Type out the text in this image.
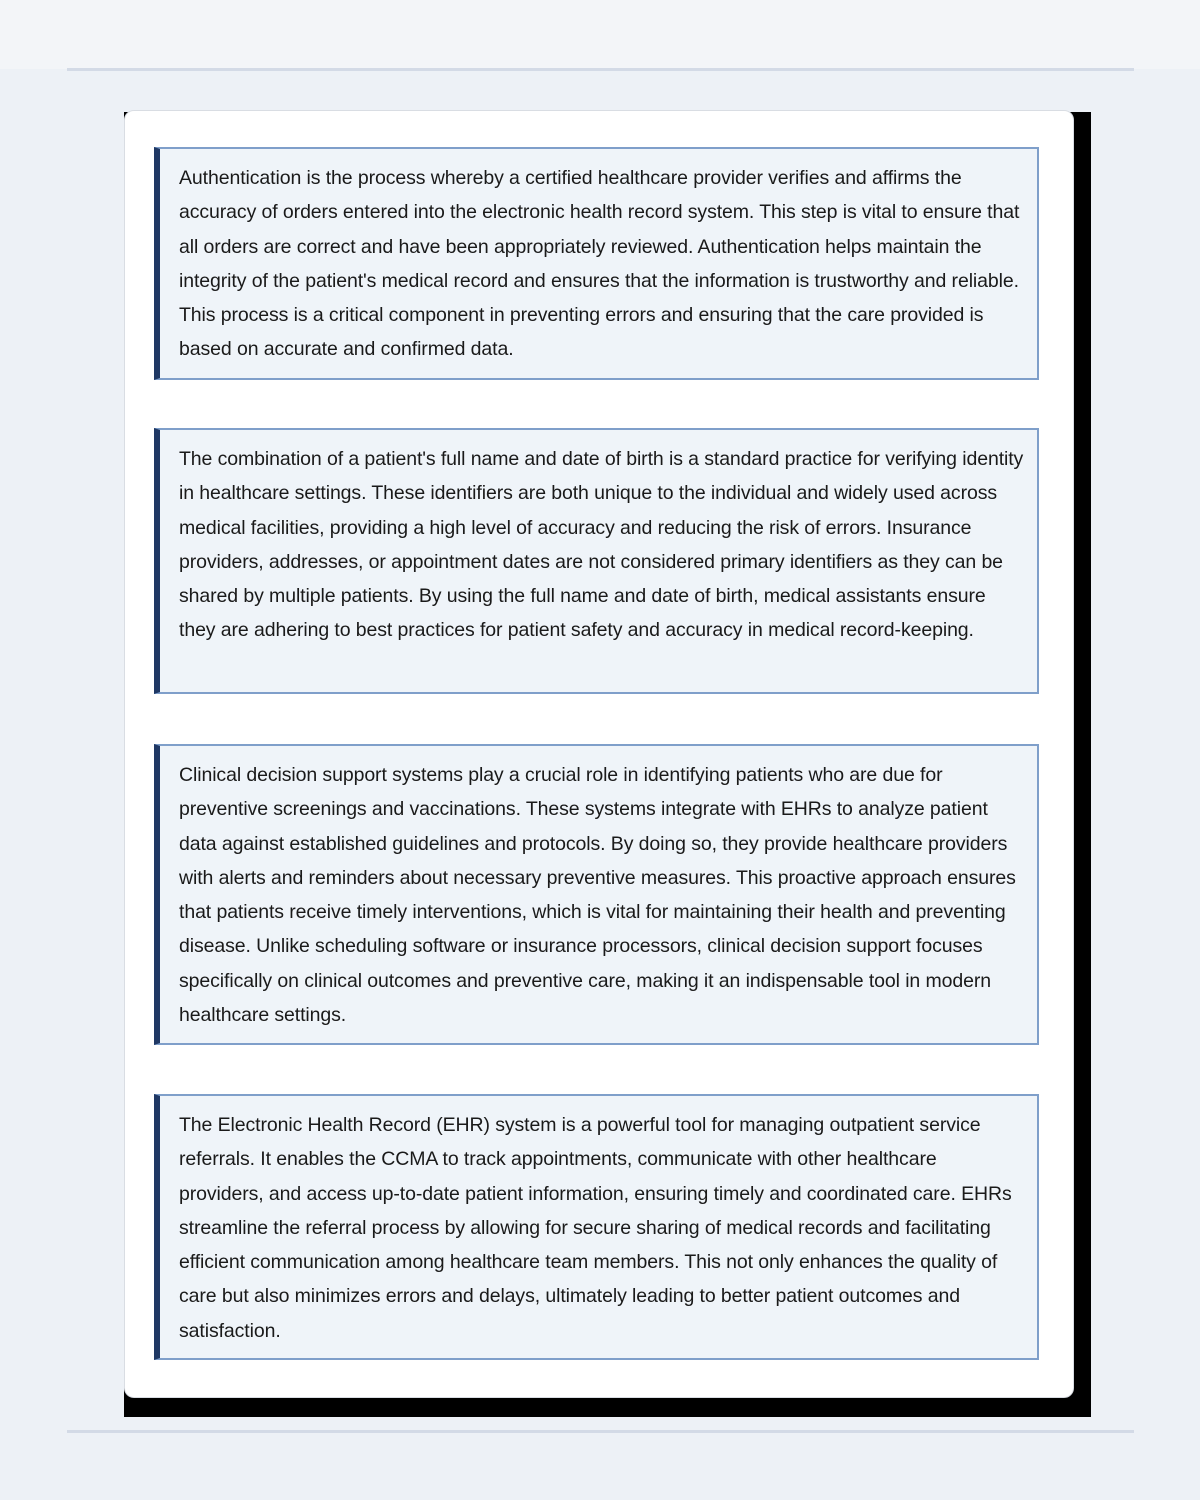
Authentication is the process whereby a certified healthcare provider verifies and affirms the accuracy of orders entered into the electronic health record system. This step is vital to ensure that all orders are correct and have been appropriately reviewed. Authentication helps maintain the integrity of the patient's medical record and ensures that the information is trustworthy and reliable. This process is a critical component in preventing errors and ensuring that the care provided is based on accurate and confirmed data.

The combination of a patient's full name and date of birth is a standard practice for verifying identity in healthcare settings. These identifiers are both unique to the individual and widely used across medical facilities, providing a high level of accuracy and reducing the risk of errors. Insurance providers, addresses, or appointment dates are not considered primary identifiers as they can be shared by multiple patients. By using the full name and date of birth, medical assistants ensure they are adhering to best practices for patient safety and accuracy in medical record-keeping.

Clinical decision support systems play a crucial role in identifying patients who are due for preventive screenings and vaccinations. These systems integrate with EHRs to analyze patient data against established guidelines and protocols. By doing so, they provide healthcare providers with alerts and reminders about necessary preventive measures. This proactive approach ensures that patients receive timely interventions, which is vital for maintaining their health and preventing disease. Unlike scheduling software or insurance processors, clinical decision support focuses specifically on clinical outcomes and preventive care, making it an indispensable tool in modern healthcare settings.

The Electronic Health Record (EHR) system is a powerful tool for managing outpatient service referrals. It enables the CCMA to track appointments, communicate with other healthcare providers, and access up-to-date patient information, ensuring timely and coordinated care. EHRs streamline the referral process by allowing for secure sharing of medical records and facilitating efficient communication among healthcare team members. This not only enhances the quality of care but also minimizes errors and delays, ultimately leading to better patient outcomes and satisfaction.
